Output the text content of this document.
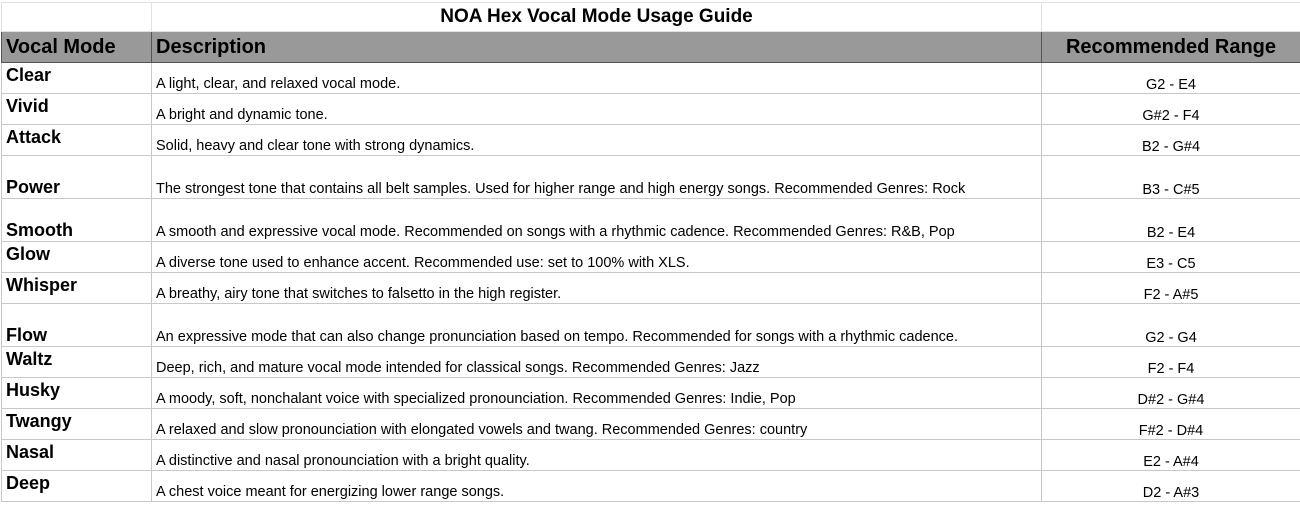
	NOA Hex Vocal Mode Usage Guide	
Vocal Mode	Description	Recommended Range
Clear	A light, clear, and relaxed vocal mode.	G2 - E4
Vivid	A bright and dynamic tone.	G#2 - F4
Attack	Solid, heavy and clear tone with strong dynamics.	B2 - G#4
Power	The strongest tone that contains all belt samples. Used for higher range and high energy songs. Recommended Genres: Rock	B3 - C#5
Smooth	A smooth and expressive vocal mode. Recommended on songs with a rhythmic cadence. Recommended Genres: R&B, Pop	B2 - E4
Glow	A diverse tone used to enhance accent. Recommended use: set to 100% with XLS.	E3 - C5
Whisper	A breathy, airy tone that switches to falsetto in the high register.	F2 - A#5
Flow	An expressive mode that can also change pronunciation based on tempo. Recommended for songs with a rhythmic cadence.	G2 - G4
Waltz	Deep, rich, and mature vocal mode intended for classical songs. Recommended Genres: Jazz	F2 - F4
Husky	A moody, soft, nonchalant voice with specialized pronounciation. Recommended Genres: Indie, Pop	D#2 - G#4
Twangy	A relaxed and slow pronounciation with elongated vowels and twang. Recommended Genres: country	F#2 - D#4
Nasal	A distinctive and nasal pronounciation with a bright quality.	E2 - A#4
Deep	A chest voice meant for energizing lower range songs.	D2 - A#3
